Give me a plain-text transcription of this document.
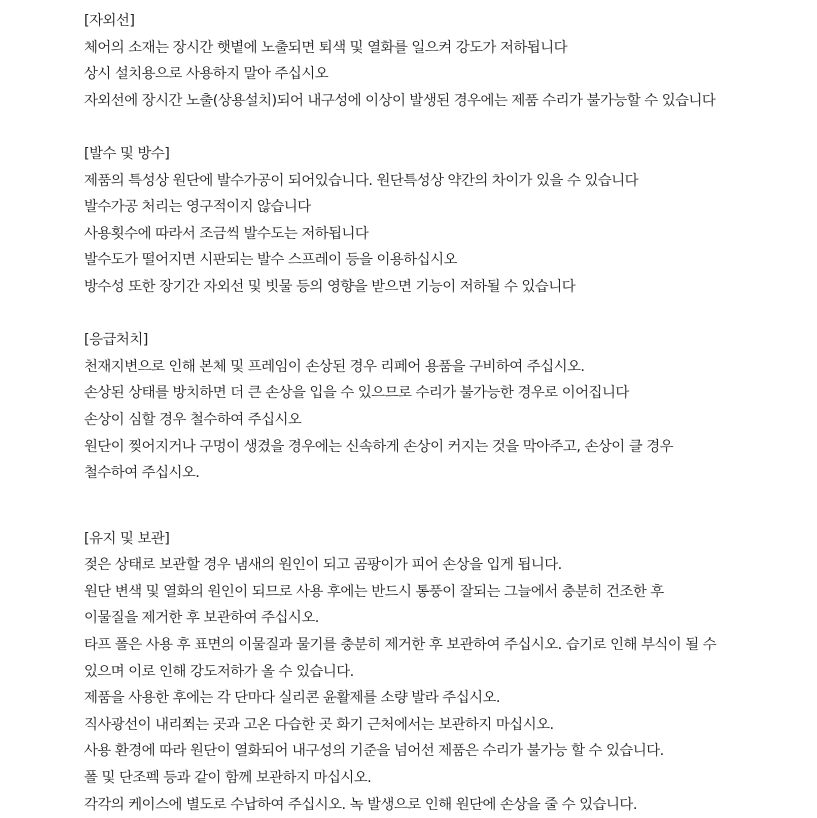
[자외선]
체어의 소재는 장시간 햇볕에 노출되면 퇴색 및 열화를 일으켜 강도가 저하됩니다
상시 설치용으로 사용하지 말아 주십시오
자외선에 장시간 노출(상용설치)되어 내구성에 이상이 발생된 경우에는 제품 수리가 불가능할 수 있습니다
[발수 및 방수]
제품의 특성상 원단에 발수가공이 되어있습니다. 원단특성상 약간의 차이가 있을 수 있습니다
발수가공 처리는 영구적이지 않습니다
사용횟수에 따라서 조금씩 발수도는 저하됩니다
발수도가 떨어지면 시판되는 발수 스프레이 등을 이용하십시오
방수성 또한 장기간 자외선 및 빗물 등의 영향을 받으면 기능이 저하될 수 있습니다
[응급처치]
천재지변으로 인해 본체 및 프레임이 손상된 경우 리페어 용품을 구비하여 주십시오.
손상된 상태를 방치하면 더 큰 손상을 입을 수 있으므로 수리가 불가능한 경우로 이어집니다
손상이 심할 경우 철수하여 주십시오
원단이 찢어지거나 구멍이 생겼을 경우에는 신속하게 손상이 커지는 것을 막아주고, 손상이 클 경우
철수하여 주십시오.
[유지 및 보관]
젖은 상태로 보관할 경우 냄새의 원인이 되고 곰팡이가 피어 손상을 입게 됩니다.
원단 변색 및 열화의 원인이 되므로 사용 후에는 반드시 통풍이 잘되는 그늘에서 충분히 건조한 후
이물질을 제거한 후 보관하여 주십시오.
타프 폴은 사용 후 표면의 이물질과 물기를 충분히 제거한 후 보관하여 주십시오. 습기로 인해 부식이 될 수
있으며 이로 인해 강도저하가 올 수 있습니다.
제품을 사용한 후에는 각 단마다 실리콘 윤활제를 소량 발라 주십시오.
직사광선이 내리쬐는 곳과 고온 다습한 곳 화기 근처에서는 보관하지 마십시오.
사용 환경에 따라 원단이 열화되어 내구성의 기준을 넘어선 제품은 수리가 불가능 할 수 있습니다.
폴 및 단조펙 등과 같이 함께 보관하지 마십시오.
각각의 케이스에 별도로 수납하여 주십시오. 녹 발생으로 인해 원단에 손상을 줄 수 있습니다.
